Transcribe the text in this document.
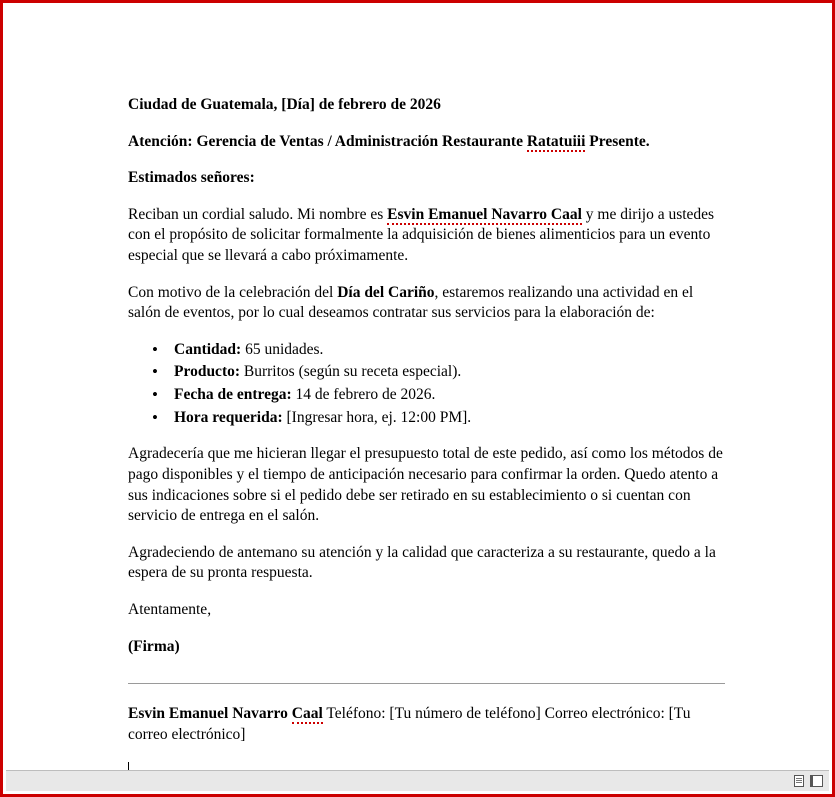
Ciudad de Guatemala, [Día] de febrero de 2026

Atención: Gerencia de Ventas / Administración Restaurante Ratatuiii Presente.

Estimados señores:

Reciban un cordial saludo. Mi nombre es Esvin Emanuel Navarro Caal y me dirijo a ustedes con el propósito de solicitar formalmente la adquisición de bienes alimenticios para un evento especial que se llevará a cabo próximamente.

Con motivo de la celebración del Día del Cariño, estaremos realizando una actividad en el salón de eventos, por lo cual deseamos contratar sus servicios para la elaboración de:

• Cantidad: 65 unidades.
• Producto: Burritos (según su receta especial).
• Fecha de entrega: 14 de febrero de 2026.
• Hora requerida: [Ingresar hora, ej. 12:00 PM].

Agradecería que me hicieran llegar el presupuesto total de este pedido, así como los métodos de pago disponibles y el tiempo de anticipación necesario para confirmar la orden. Quedo atento a sus indicaciones sobre si el pedido debe ser retirado en su establecimiento o si cuentan con servicio de entrega en el salón.

Agradeciendo de antemano su atención y la calidad que caracteriza a su restaurante, quedo a la espera de su pronta respuesta.

Atentamente,

(Firma)

Esvin Emanuel Navarro Caal Teléfono: [Tu número de teléfono] Correo electrónico: [Tu correo electrónico]
